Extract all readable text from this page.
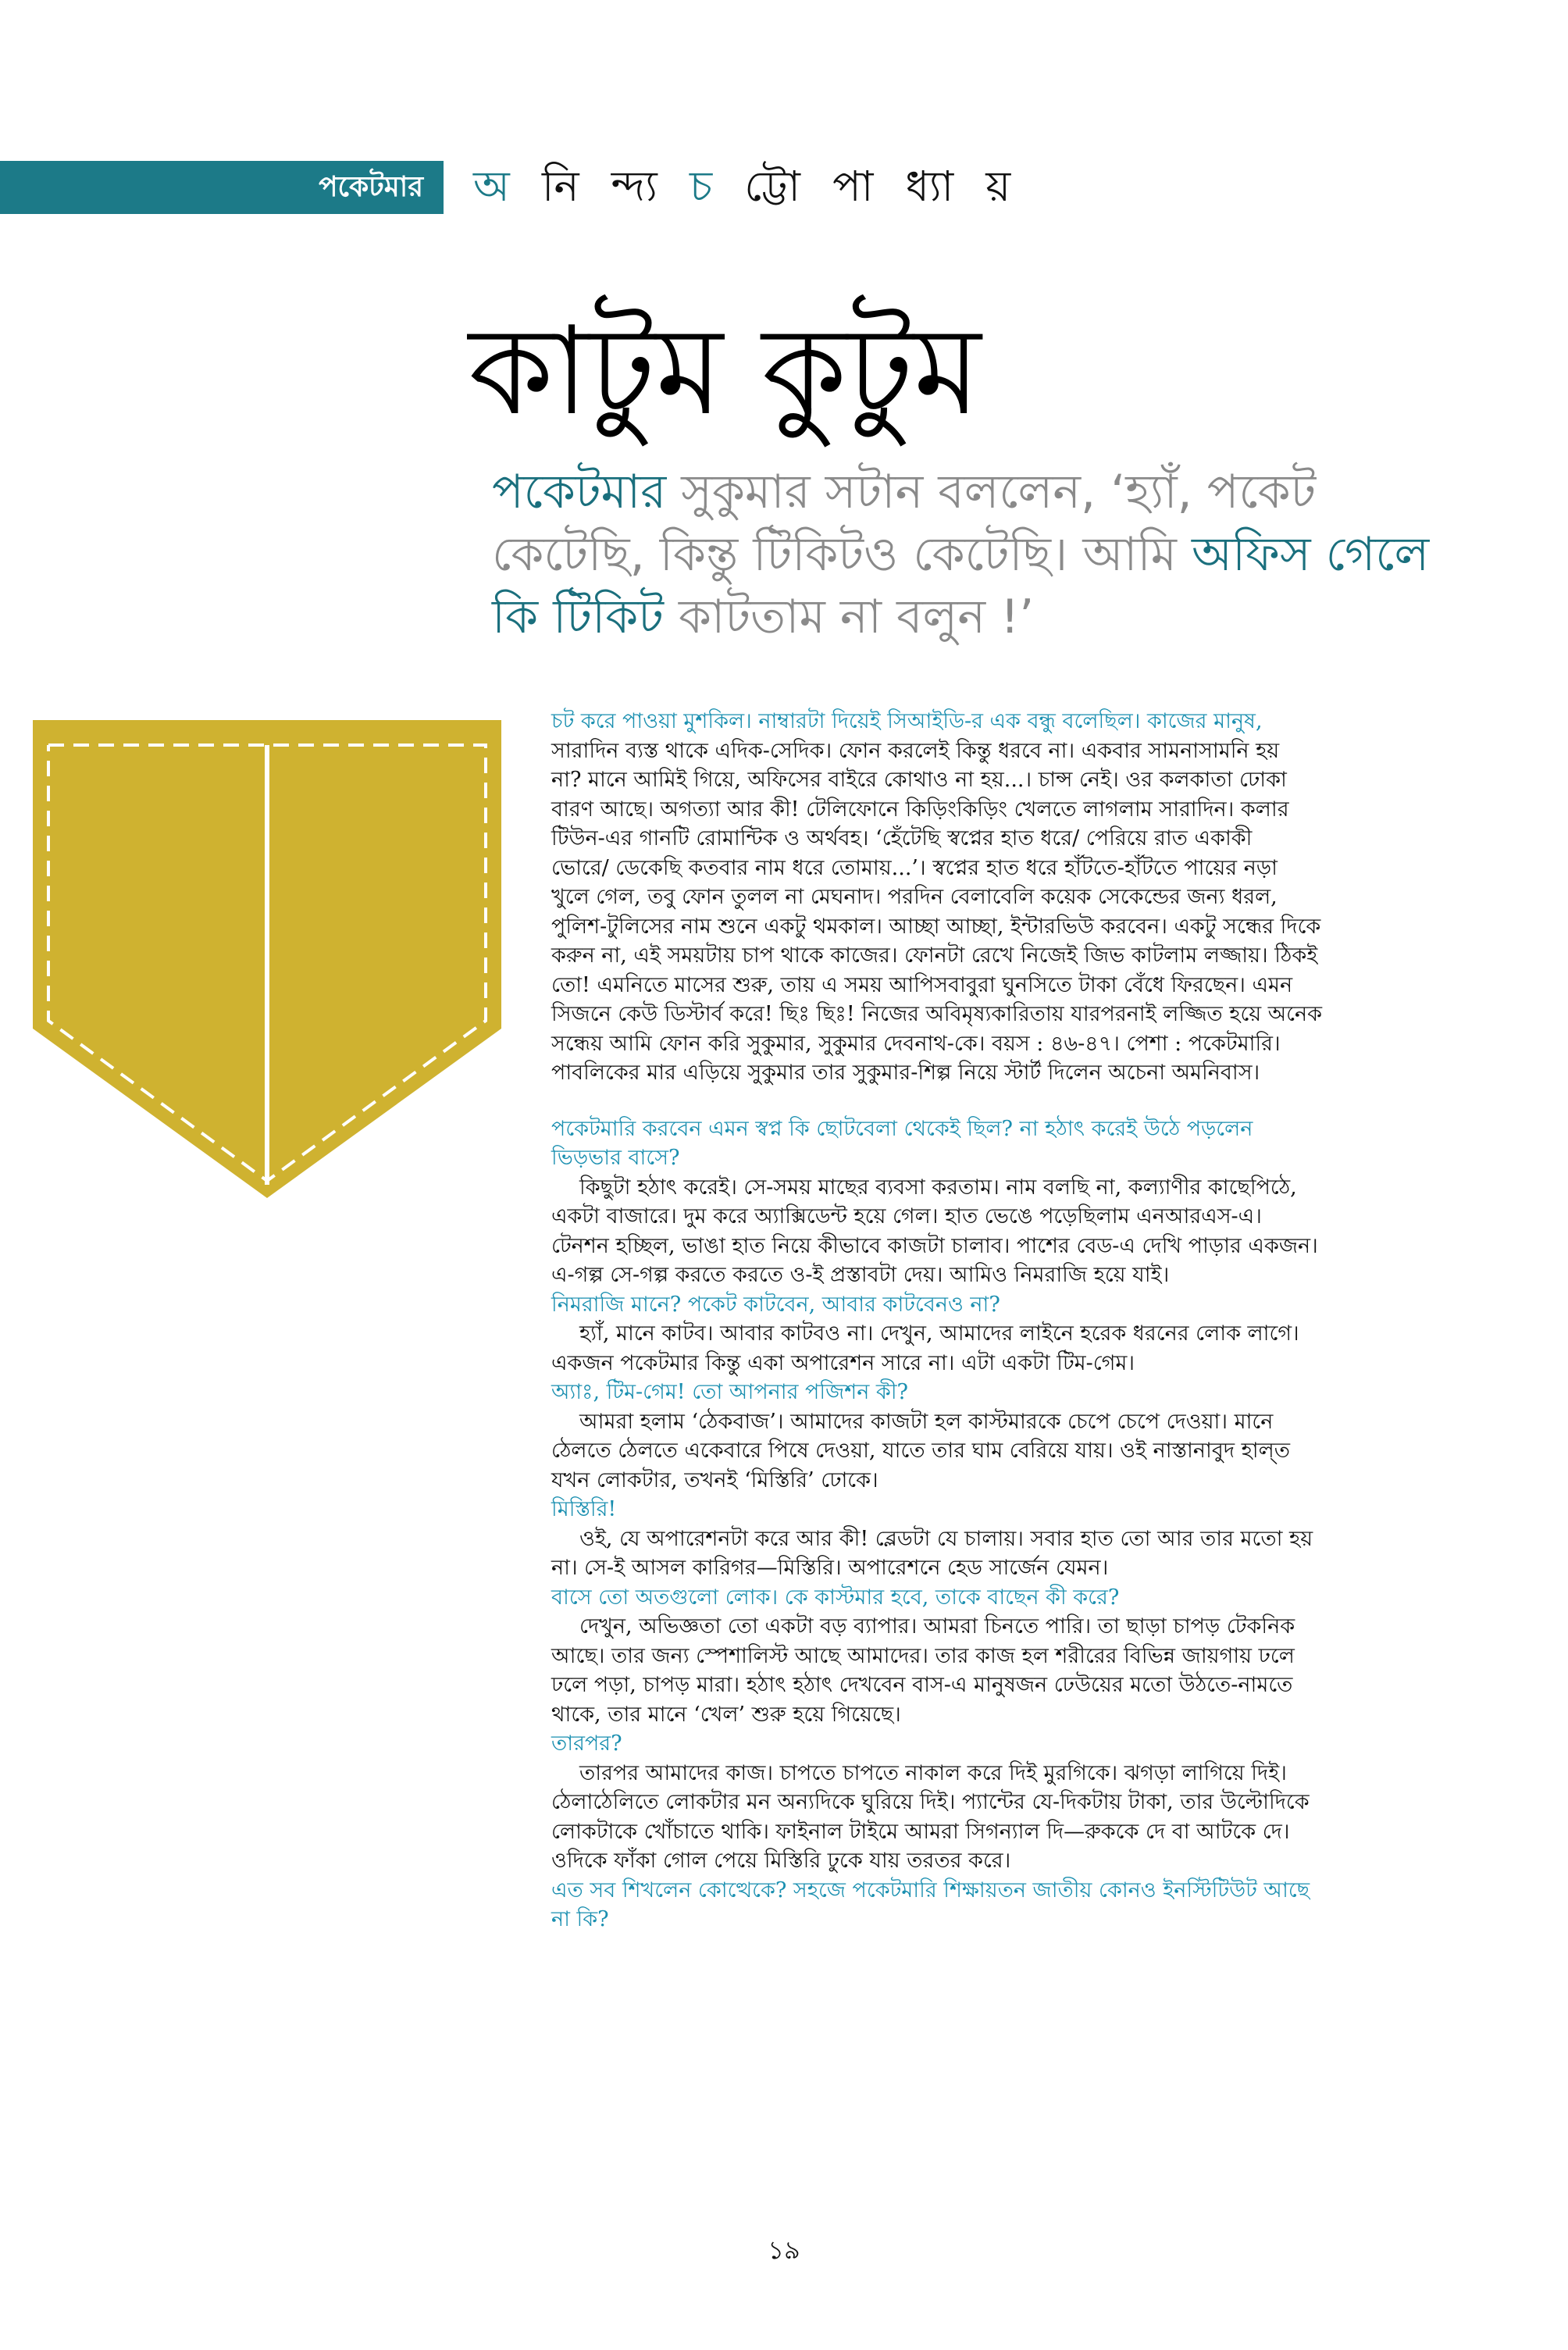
পকেটমার	অ নি ন্দ্য চ ট্টো পা ধ্যা য়
কাটুম কুটুম
পকেটমার সুকুমার সটান বললেন, ‘হ্যাঁ, পকেট
কেটেছি, কিন্তু টিকিটও কেটেছি। আমি অফিস গেলে
কি টিকিট কাটতাম না বলুন !’

চট করে পাওয়া মুশকিল। নাম্বারটা দিয়েই সিআইডি-র এক বন্ধু বলেছিল। কাজের মানুষ,

সারাদিন ব্যস্ত থাকে এদিক-সেদিক। ফোন করলেই কিন্তু ধরবে না। একবার সামনাসামনি হয়
না? মানে আমিই গিয়ে, অফিসের বাইরে কোথাও না হয়...। চান্স নেই। ওর কলকাতা ঢোকা
বারণ আছে। অগত্যা আর কী! টেলিফোনে কিড়িংকিড়িং খেলতে লাগলাম সারাদিন। কলার
টিউন-এর গানটি রোমান্টিক ও অর্থবহ। ‘হেঁটেছি স্বপ্নের হাত ধরে/ পেরিয়ে রাত একাকী
ভোরে/ ডেকেছি কতবার নাম ধরে তোমায়...’। স্বপ্নের হাত ধরে হাঁটতে-হাঁটতে পায়ের নড়া
খুলে গেল, তবু ফোন তুলল না মেঘনাদ। পরদিন বেলাবেলি কয়েক সেকেন্ডের জন্য ধরল,
পুলিশ-টুলিসের নাম শুনে একটু থমকাল। আচ্ছা আচ্ছা, ইন্টারভিউ করবেন। একটু সন্ধের দিকে
করুন না, এই সময়টায় চাপ থাকে কাজের। ফোনটা রেখে নিজেই জিভ কাটলাম লজ্জায়। ঠিকই
তো! এমনিতে মাসের শুরু, তায় এ সময় আপিসবাবুরা ঘুনসিতে টাকা বেঁধে ফিরছেন। এমন
সিজনে কেউ ডিস্টার্ব করে! ছিঃ ছিঃ! নিজের অবিমৃষ্যকারিতায় যারপরনাই লজ্জিত হয়ে অনেক
সন্ধেয় আমি ফোন করি সুকুমার, সুকুমার দেবনাথ-কে। বয়স : ৪৬-৪৭। পেশা : পকেটমারি।
পাবলিকের মার এড়িয়ে সুকুমার তার সুকুমার-শিল্প নিয়ে স্টার্ট দিলেন অচেনা অমনিবাস।

পকেটমারি করবেন এমন স্বপ্ন কি ছোটবেলা থেকেই ছিল? না হঠাৎ করেই উঠে পড়লেন
ভিড়ভার বাসে?

কিছুটা হঠাৎ করেই। সে-সময় মাছের ব্যবসা করতাম। নাম বলছি না, কল্যাণীর কাছেপিঠে,
একটা বাজারে। দুম করে অ্যাক্সিডেন্ট হয়ে গেল। হাত ভেঙে পড়েছিলাম এনআরএস-এ।
টেনশন হচ্ছিল, ভাঙা হাত নিয়ে কীভাবে কাজটা চালাব। পাশের বেড-এ দেখি পাড়ার একজন।
এ-গল্প সে-গল্প করতে করতে ও-ই প্রস্তাবটা দেয়। আমিও নিমরাজি হয়ে যাই।

নিমরাজি মানে? পকেট কাটবেন, আবার কাটবেনও না?

হ্যাঁ, মানে কাটব। আবার কাটবও না। দেখুন, আমাদের লাইনে হরেক ধরনের লোক লাগে।
একজন পকেটমার কিন্তু একা অপারেশন সারে না। এটা একটা টিম-গেম।

অ্যাঃ, টিম-গেম! তো আপনার পজিশন কী?

আমরা হলাম ‘ঠেকবাজ’। আমাদের কাজটা হল কাস্টমারকে চেপে চেপে দেওয়া। মানে
ঠেলতে ঠেলতে একেবারে পিষে দেওয়া, যাতে তার ঘাম বেরিয়ে যায়। ওই নাস্তানাবুদ হাল্‌ত
যখন লোকটার, তখনই ‘মিস্তিরি’ ঢোকে।

মিস্তিরি!

ওই, যে অপারেশনটা করে আর কী! ব্লেডটা যে চালায়। সবার হাত তো আর তার মতো হয়
না। সে-ই আসল কারিগর—মিস্তিরি। অপারেশনে হেড সার্জেন যেমন।

বাসে তো অতগুলো লোক। কে কাস্টমার হবে, তাকে বাছেন কী করে?

দেখুন, অভিজ্ঞতা তো একটা বড় ব্যাপার। আমরা চিনতে পারি। তা ছাড়া চাপড় টেকনিক
আছে। তার জন্য স্পেশালিস্ট আছে আমাদের। তার কাজ হল শরীরের বিভিন্ন জায়গায় ঢলে
ঢলে পড়া, চাপড় মারা। হঠাৎ হঠাৎ দেখবেন বাস-এ মানুষজন ঢেউয়ের মতো উঠতে-নামতে
থাকে, তার মানে ‘খেল’ শুরু হয়ে গিয়েছে।

তারপর?

তারপর আমাদের কাজ। চাপতে চাপতে নাকাল করে দিই মুরগিকে। ঝগড়া লাগিয়ে দিই।
ঠেলাঠেলিতে লোকটার মন অন্যদিকে ঘুরিয়ে দিই। প্যান্টের যে-দিকটায় টাকা, তার উল্টোদিকে
লোকটাকে খোঁচাতে থাকি। ফাইনাল টাইমে আমরা সিগন্যাল দি—রুককে দে বা আটকে দে।
ওদিকে ফাঁকা গোল পেয়ে মিস্তিরি ঢুকে যায় তরতর করে।

এত সব শিখলেন কোত্থেকে? সহজে পকেটমারি শিক্ষায়তন জাতীয় কোনও ইনস্টিটিউট আছে
না কি?

১৯
